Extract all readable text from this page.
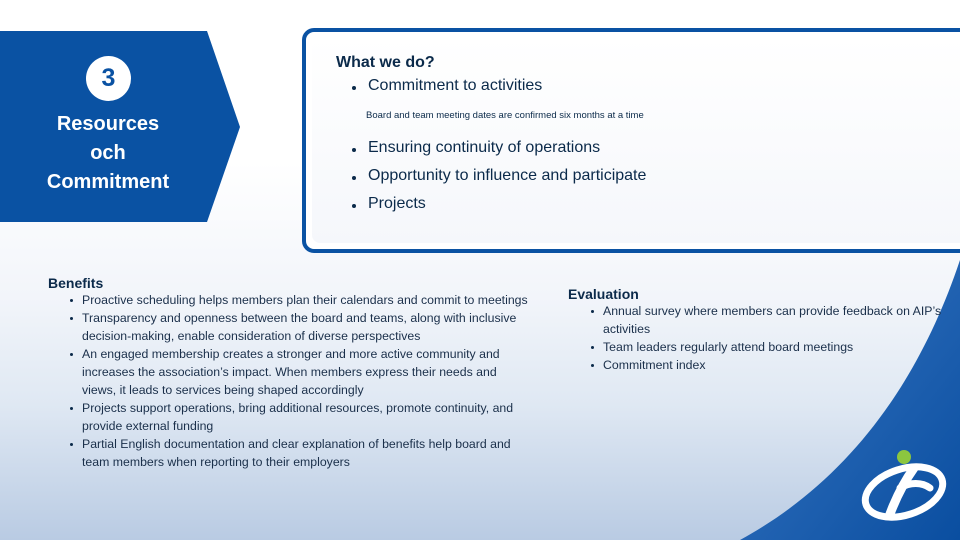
3
Resources
och
Commitment
What we do?
Commitment to activities
Board and team meeting dates are confirmed six months at a time
Ensuring continuity of operations
Opportunity to influence and participate
Projects
Benefits
Proactive scheduling helps members plan their calendars and commit to meetings
Transparency and openness between the board and teams, along with inclusive decision-making, enable consideration of diverse perspectives
An engaged membership creates a stronger and more active community and increases the association’s impact. When members express their needs and views, it leads to services being shaped accordingly
Projects support operations, bring additional resources, promote continuity, and provide external funding
Partial English documentation and clear explanation of benefits help board and team members when reporting to their employers
Evaluation
Annual survey where members can provide feedback on AIP’s activities
Team leaders regularly attend board meetings
Commitment index
